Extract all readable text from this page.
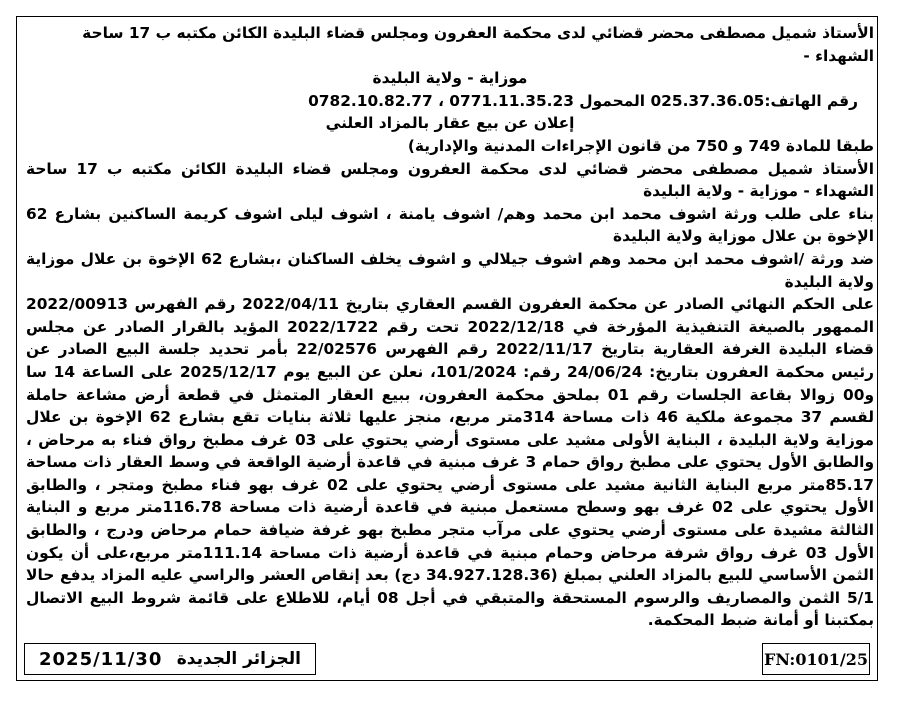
الأستاذ شميل مصطفى محضر قضائي لدى محكمة العفرون ومجلس قضاء البليدة الكائن مكتبه ب 17 ساحة الشهداء -

موزاية - ولاية البليدة

رقم الهاتف:025.37.36.05 المحمول 0771.11.35.23 ، 0782.10.82.77

إعلان عن بيع عقار بالمزاد العلني

طبقا للمادة 749 و 750 من قانون الإجراءات المدنية والإدارية)

الأستاذ شميل مصطفى محضر قضائي لدى محكمة العفرون ومجلس قضاء البليدة الكائن مكتبه ب 17 ساحة الشهداء - موزاية - ولاية البليدة

بناء على طلب ورثة اشوف محمد ابن محمد وهم/ اشوف يامنة ، اشوف ليلى اشوف كريمة الساكنين بشارع 62 الإخوة بن علال موزاية ولاية البليدة

ضد ورثة /اشوف محمد ابن محمد وهم اشوف جيلالي و اشوف يخلف الساكنان ،بشارع 62 الإخوة بن علال موزاية ولاية البليدة

على الحكم النهائي الصادر عن محكمة العفرون القسم العقاري بتاريخ 2022/04/11 رقم الفهرس 2022/00913 الممهور بالصيغة التنفيذية المؤرخة في 2022/12/18 تحت رقم 2022/1722 المؤيد بالقرار الصادر عن مجلس قضاء البليدة الغرفة العقارية بتاريخ 2022/11/17 رقم الفهرس 22/02576 بأمر تحديد جلسة البيع الصادر عن رئيس محكمة العفرون بتاريخ: 24/06/24 رقم: 101/2024، نعلن عن البيع يوم 2025/12/17 على الساعة 14 سا و00 زوالا بقاعة الجلسات رقم 01 بملحق محكمة العفرون، ببيع العقار المتمثل في قطعة أرض مشاعة حاملة لقسم 37 مجموعة ملكية 46 ذات مساحة 314متر مربع، منجز عليها ثلاثة بنايات تقع بشارع 62 الإخوة بن علال موزاية ولاية البليدة ، البناية الأولى مشيد على مستوى أرضي يحتوي على 03 غرف مطبخ رواق فناء به مرحاض ، والطابق الأول يحتوي على مطبخ رواق حمام 3 غرف مبنية في قاعدة أرضية الواقعة في وسط العقار ذات مساحة 85.17متر مربع البناية الثانية مشيد على مستوى أرضي يحتوي على 02 غرف بهو فناء مطبخ ومتجر ، والطابق الأول يحتوي على 02 غرف بهو وسطح مستعمل مبنية في قاعدة أرضية ذات مساحة 116.78متر مربع و البناية الثالثة مشيدة على مستوى أرضي يحتوي على مرآب متجر مطبخ بهو غرفة ضيافة حمام مرحاض ودرج ، والطابق الأول 03 غرف رواق شرفة مرحاض وحمام مبنية في قاعدة أرضية ذات مساحة 111.14متر مربع،على أن يكون الثمن الأساسي للبيع بالمزاد العلني بمبلغ (34.927.128.36 دج) بعد إنقاص العشر والراسي عليه المزاد يدفع حالا 5/1 الثمن والمصاريف والرسوم المستحقة والمتبقي في أجل 08 أيام، للاطلاع على قائمة شروط البيع الاتصال بمكتبنا أو أمانة ضبط المحكمة.

الجزائر الجديدة
2025/11/30	FN:0101/25
